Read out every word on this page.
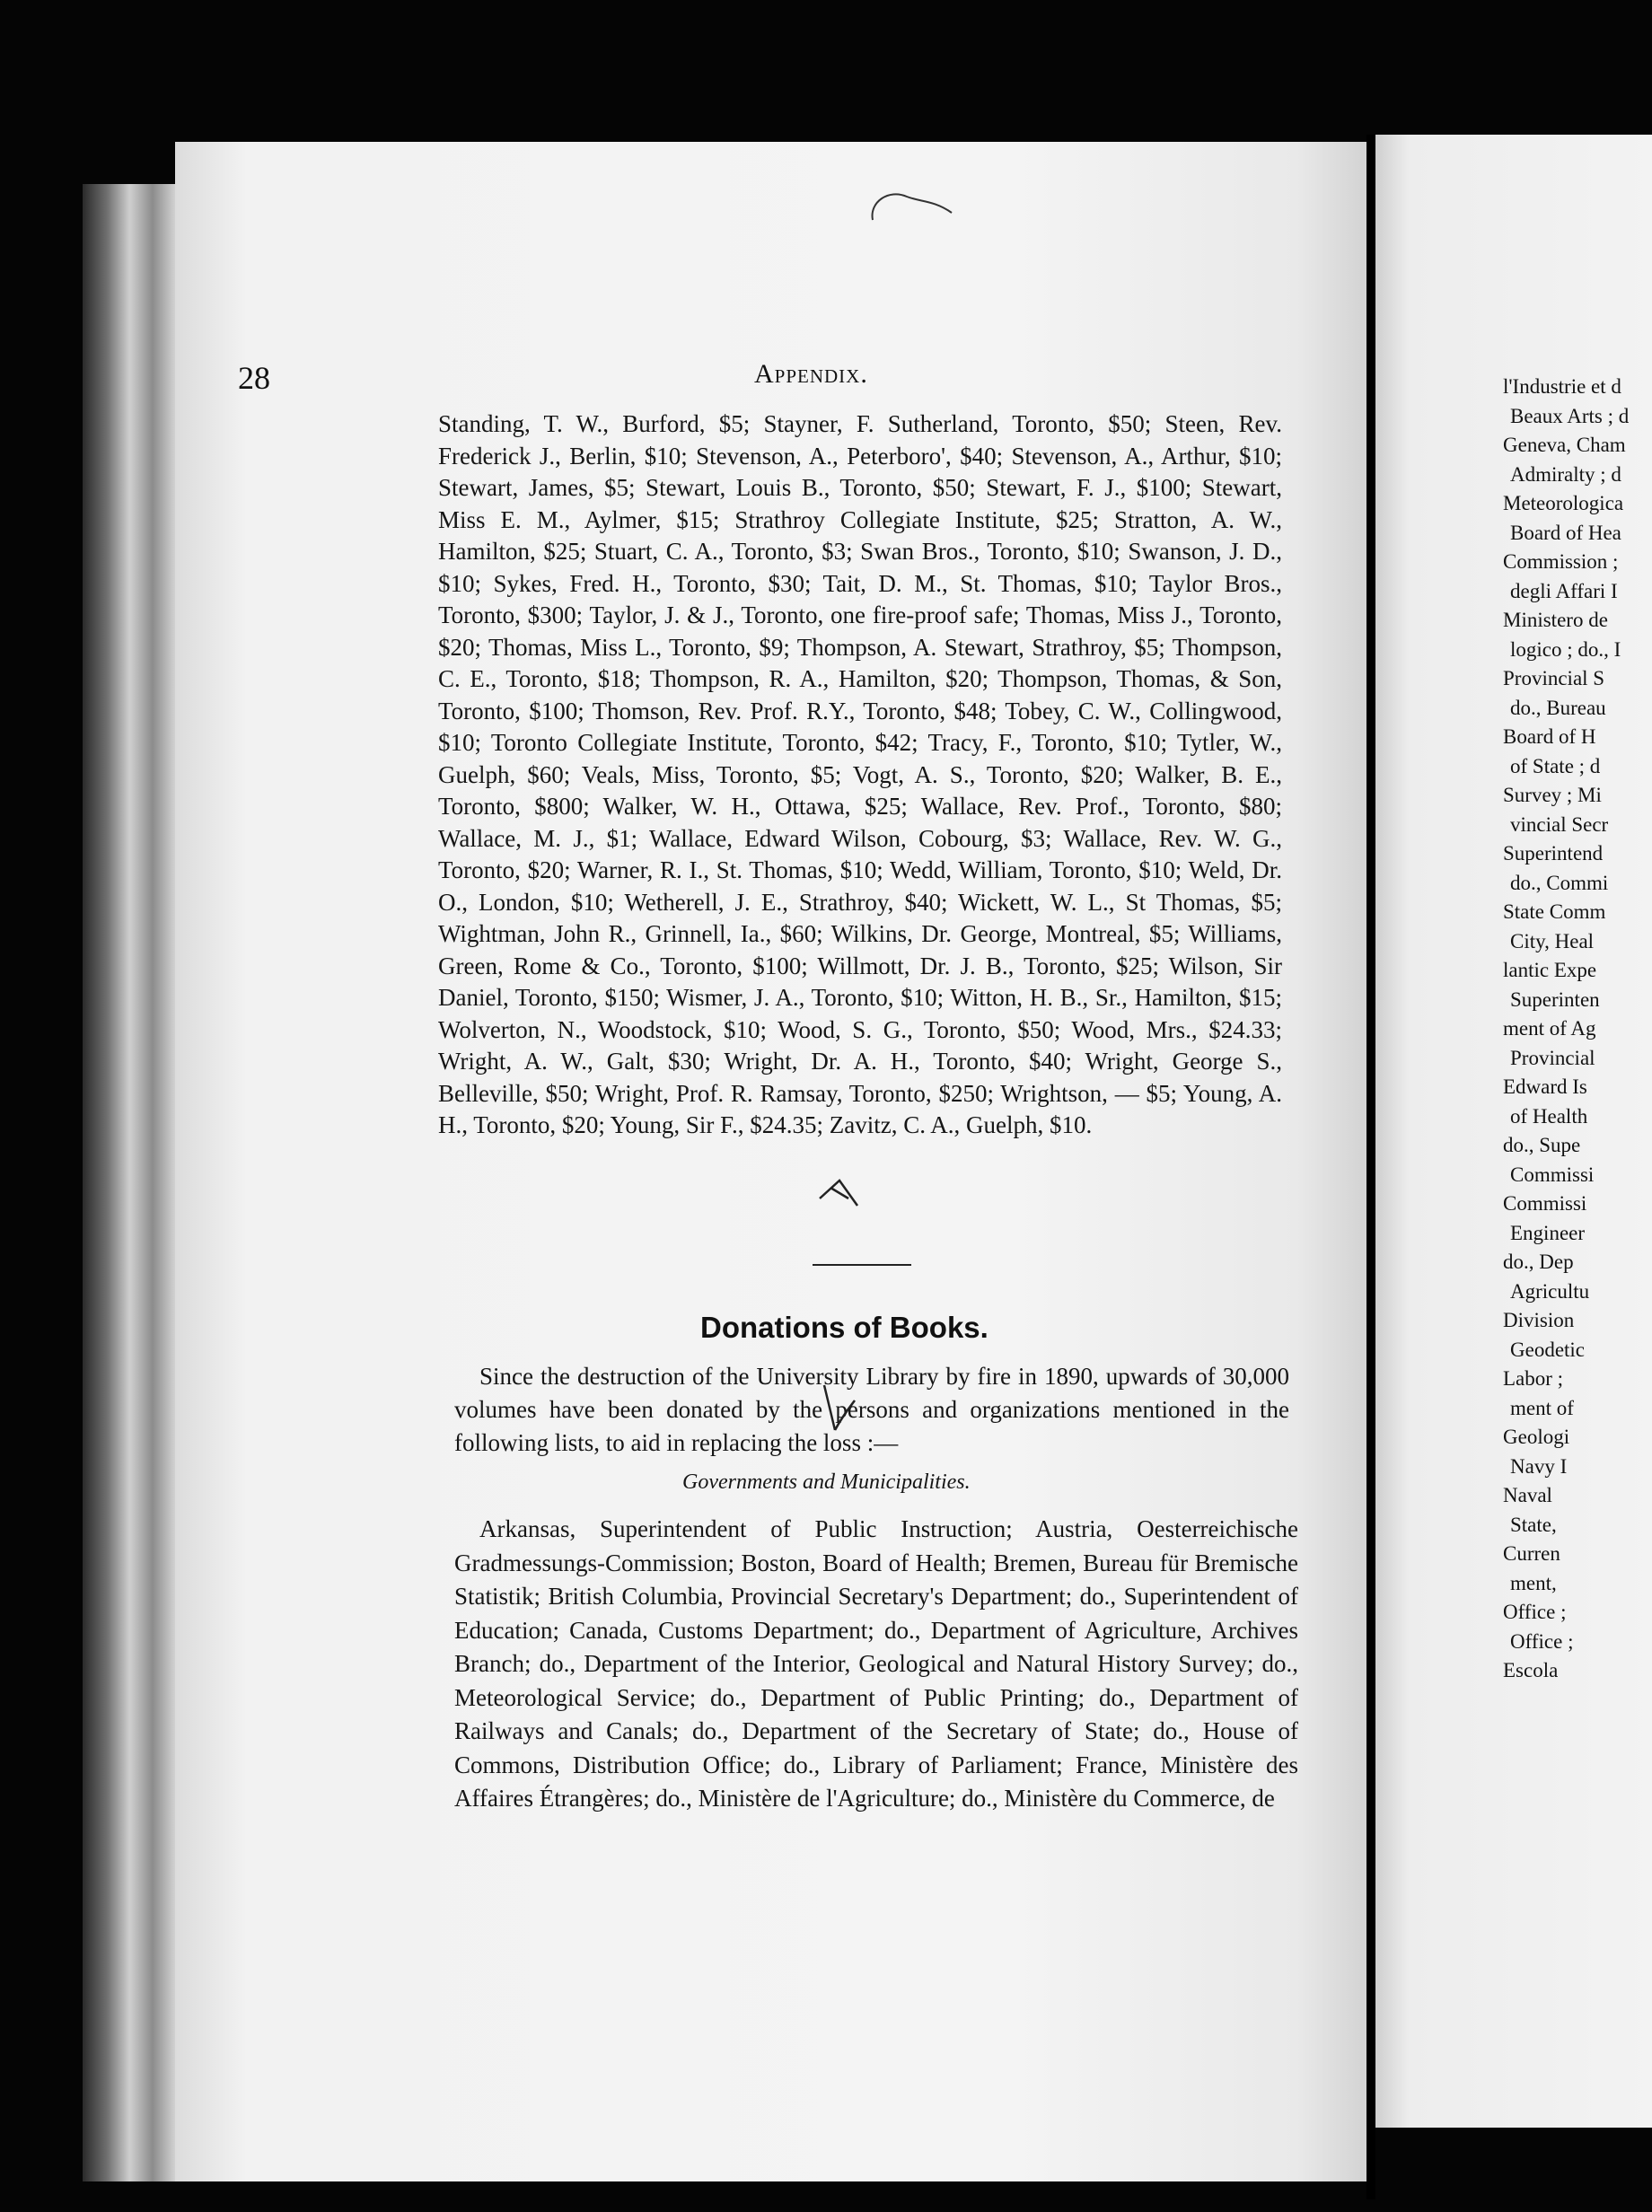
28	Appendix.
Standing, T. W., Burford, $5; Stayner, F. Sutherland, Toronto, $50; Steen, Rev. Frederick J., Berlin, $10; Stevenson, A., Peterboro', $40; Stevenson, A., Arthur, $10; Stewart, James, $5; Stewart, Louis B., Toronto, $50; Stewart, F. J., $100; Stewart, Miss E. M., Aylmer, $15; Strathroy Collegiate Institute, $25; Stratton, A. W., Hamilton, $25; Stuart, C. A., Toronto, $3; Swan Bros., Toronto, $10; Swanson, J. D., $10; Sykes, Fred. H., Toronto, $30; Tait, D. M., St. Thomas, $10; Taylor Bros., Toronto, $300; Taylor, J. & J., Toronto, one fire-proof safe; Thomas, Miss J., Toronto, $20; Thomas, Miss L., Toronto, $9; Thompson, A. Stewart, Strathroy, $5; Thompson, C. E., Toronto, $18; Thompson, R. A., Hamilton, $20; Thompson, Thomas, & Son, Toronto, $100; Thomson, Rev. Prof. R.Y., Toronto, $48; Tobey, C. W., Collingwood, $10; Toronto Collegiate Institute, Toronto, $42; Tracy, F., Toronto, $10; Tytler, W., Guelph, $60; Veals, Miss, Toronto, $5; Vogt, A. S., Toronto, $20; Walker, B. E., Toronto, $800; Walker, W. H., Ottawa, $25; Wallace, Rev. Prof., Toronto, $80; Wallace, M. J., $1; Wallace, Edward Wilson, Cobourg, $3; Wallace, Rev. W. G., Toronto, $20; Warner, R. I., St. Thomas, $10; Wedd, William, Toronto, $10; Weld, Dr. O., London, $10; Wetherell, J. E., Strathroy, $40; Wickett, W. L., St Thomas, $5; Wightman, John R., Grinnell, Ia., $60; Wilkins, Dr. George, Montreal, $5; Williams, Green, Rome & Co., Toronto, $100; Willmott, Dr. J. B., Toronto, $25; Wilson, Sir Daniel, Toronto, $150; Wismer, J. A., Toronto, $10; Witton, H. B., Sr., Hamilton, $15; Wolverton, N., Woodstock, $10; Wood, S. G., Toronto, $50; Wood, Mrs., $24.33; Wright, A. W., Galt, $30; Wright, Dr. A. H., Toronto, $40; Wright, George S., Belleville, $50; Wright, Prof. R. Ramsay, Toronto, $250; Wrightson, — $5; Young, A. H., Toronto, $20; Young, Sir F., $24.35; Zavitz, C. A., Guelph, $10.
Donations of Books.
Since the destruction of the University Library by fire in 1890, upwards of 30,000 volumes have been donated by the persons and organizations mentioned in the following lists, to aid in replacing the loss :—
Governments and Municipalities.
Arkansas, Superintendent of Public Instruction; Austria, Oesterreichische Gradmessungs-Commission; Boston, Board of Health; Bremen, Bureau für Bremische Statistik; British Columbia, Provincial Secretary's Department; do., Superintendent of Education; Canada, Customs Department; do., Department of Agriculture, Archives Branch; do., Department of the Interior, Geological and Natural History Survey; do., Meteorological Service; do., Department of Public Printing; do., Department of Railways and Canals; do., Department of the Secretary of State; do., House of Commons, Distribution Office; do., Library of Parliament; France, Ministère des Affaires Étrangères; do., Ministère de l'Agriculture; do., Ministère du Commerce, de
l'Industrie et d
Beaux Arts ; d
Geneva, Cham
Admiralty ; d
Meteorologica
Board of Hea
Commission ;
degli Affari I
Ministero de
logico ; do., I
Provincial S
do., Bureau
Board of H
of State ; d
Survey ; Mi
vincial Secr
Superintend
do., Commi
State Comm
City, Heal
lantic Expe
Superinten
ment of Ag
Provincial
Edward Is
of Health
do., Supe
Commissi
Commissi
Engineer
do., Dep
Agricultu
Division
Geodetic
Labor ;
ment of
Geologi
Navy I
Naval
State,
Curren
ment,
Office ;
Office ;
Escola
